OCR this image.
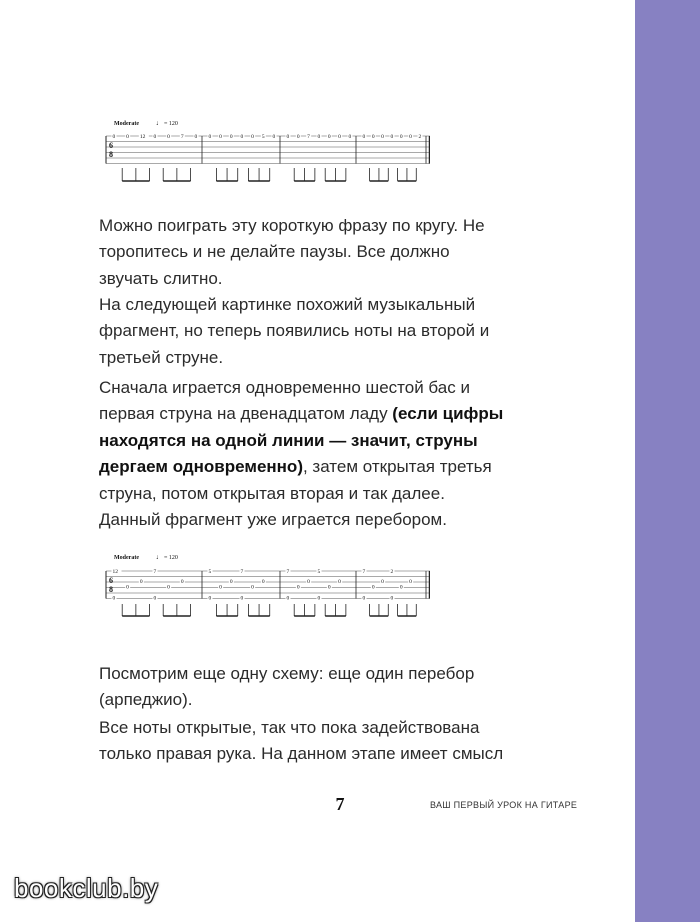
Moderate ♩ = 120
6
8
0 0 12 0 0 7 0 0 0 0 0 0 5 0 0 0 7 0 0 0 0 0 0 0 0 0 0 2

Можно поиграть эту короткую фразу по кругу. Не торопитесь и не делайте паузы. Все должно звучать слитно.

На следующей картинке похожий музыкальный фрагмент, но теперь появились ноты на второй и третьей струне.

Сначала играется одновременно шестой бас и первая струна на двенадцатом ладу (если цифры находятся на одной линии — значит, струны дергаем одновременно), затем открытая третья струна, потом открытая вторая и так далее. Данный фрагмент уже играется перебором.

Moderate ♩ = 120
6
8
0
12
0
0
0
7
0
0
0
5
0
0
0
7
0
0
0
7
0
0
0
5
0
0
0
7
0
0
0
2
0
0

Посмотрим еще одну схему: еще один перебор (арпеджио).

Все ноты открытые, так что пока задействована только правая рука. На данном этапе имеет смысл

7	ВАШ ПЕРВЫЙ УРОК НА ГИТАРЕ
bookclub.by
